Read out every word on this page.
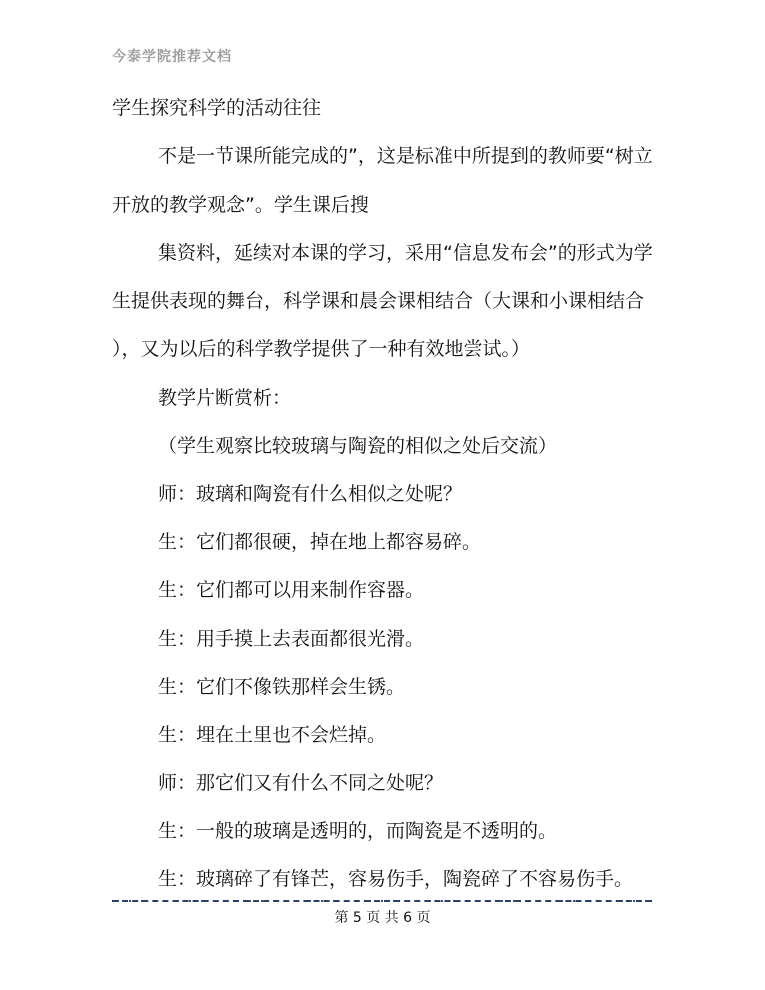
今泰学院推荐文档
学生探究科学的活动往往
不是一节课所能完成的”，这是标准中所提到的教师要“树立
开放的教学观念”。学生课后搜
集资料，延续对本课的学习，采用“信息发布会”的形式为学
生提供表现的舞台，科学课和晨会课相结合（大课和小课相结合
），又为以后的科学教学提供了一种有效地尝试。）
教学片断赏析：
（学生观察比较玻璃与陶瓷的相似之处后交流）
师：玻璃和陶瓷有什么相似之处呢？
生：它们都很硬，掉在地上都容易碎。
生：它们都可以用来制作容器。
生：用手摸上去表面都很光滑。
生：它们不像铁那样会生锈。
生：埋在土里也不会烂掉。
师：那它们又有什么不同之处呢？
生：一般的玻璃是透明的，而陶瓷是不透明的。
生：玻璃碎了有锋芒，容易伤手，陶瓷碎了不容易伤手。
第 5 页 共 6 页
